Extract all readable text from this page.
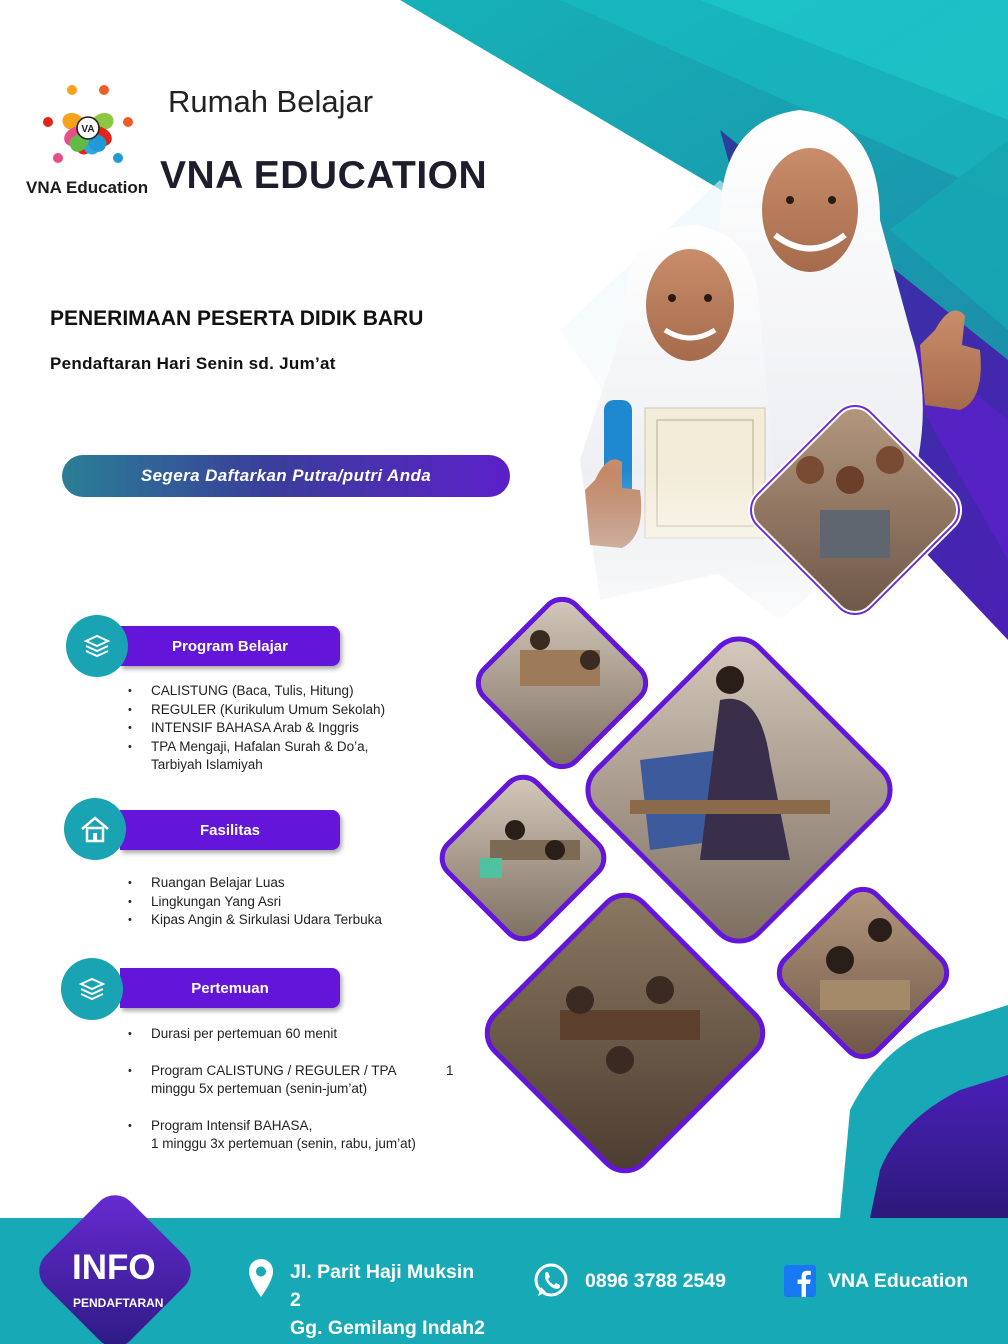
VA
VNA Education
Rumah Belajar
VNA EDUCATION
PENERIMAAN PESERTA DIDIK BARU
Pendaftaran Hari Senin sd. Jum’at
Segera Daftarkan Putra/putri Anda
Program Belajar
• CALISTUNG (Baca, Tulis, Hitung)
• REGULER (Kurikulum Umum Sekolah)
• INTENSIF BAHASA Arab & Inggris
• TPA Mengaji, Hafalan Surah & Do’a,
Tarbiyah Islamiyah
Fasilitas
• Ruangan Belajar Luas
• Lingkungan Yang Asri
• Kipas Angin & Sirkulasi Udara Terbuka
Pertemuan
• Durasi per pertemuan 60 menit
• Program CALISTUNG / REGULER / TPA
minggu 5x pertemuan (senin-jum’at)
• Program Intensif BAHASA,
1 minggu 3x pertemuan (senin, rabu, jum’at)
1
INFO
PENDAFTARAN
Jl. Parit Haji Muksin
2
Gg. Gemilang Indah2
0896 3788 2549	VNA Education
